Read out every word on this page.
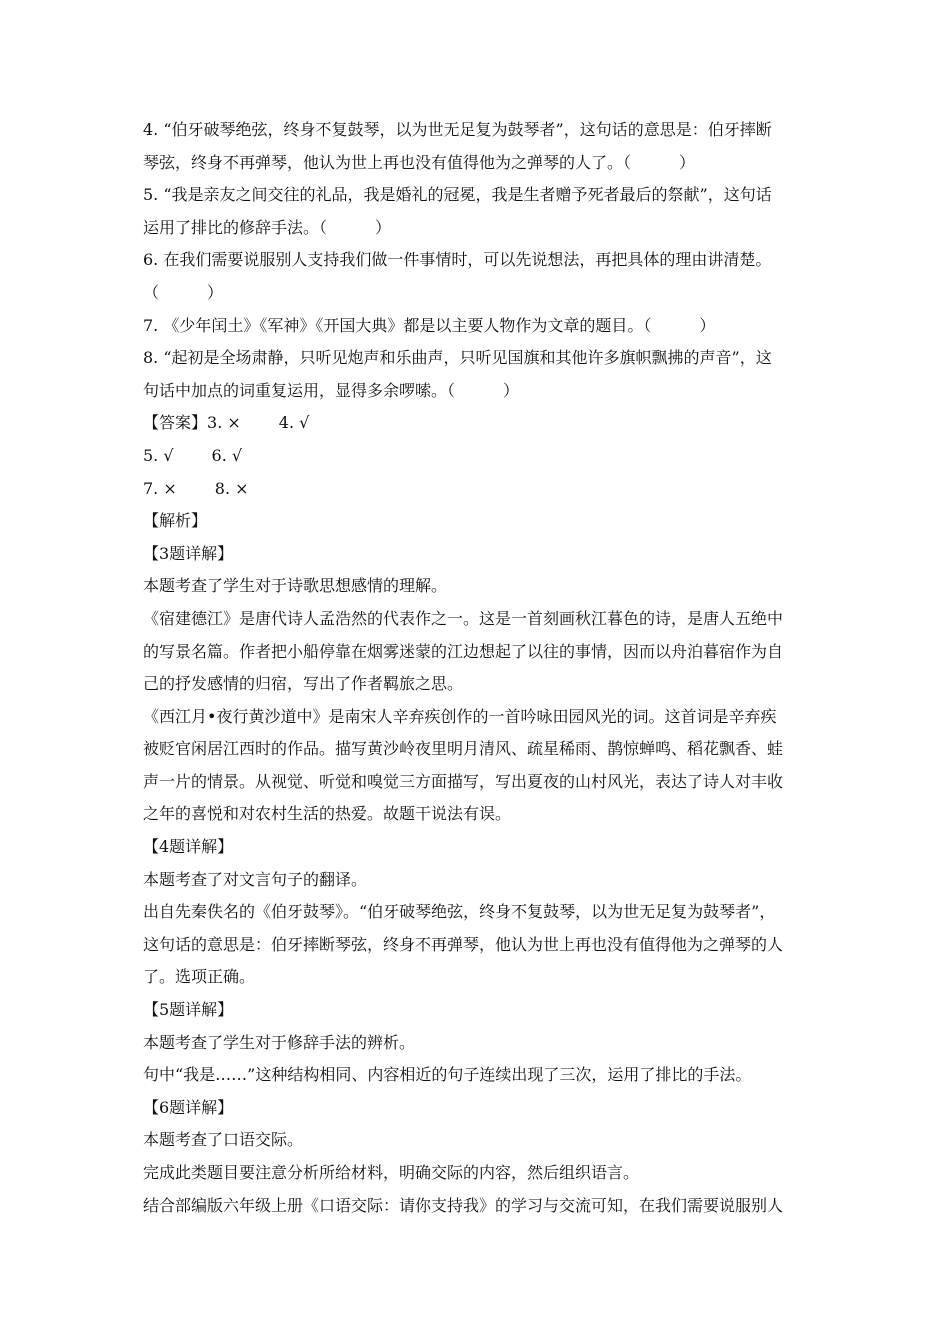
4. “伯牙破琴绝弦，终身不复鼓琴，以为世无足复为鼓琴者”，这句话的意思是：伯牙摔断
琴弦，终身不再弹琴，他认为世上再也没有值得他为之弹琴的人了。（　　　）
5. “我是亲友之间交往的礼品，我是婚礼的冠冕，我是生者赠予死者最后的祭献”，这句话
运用了排比的修辞手法。（　　　）
6. 在我们需要说服别人支持我们做一件事情时，可以先说想法，再把具体的理由讲清楚。
（　　　）
7. 《少年闰土》《军神》《开国大典》都是以主要人物作为文章的题目。（　　　）
8. “起初是全场肃静，只听见炮声和乐曲声，只听见国旗和其他许多旗帜飘拂的声音”，这
句话中加点的词重复运用，显得多余啰嗦。（　　　）
【答案】3. × 4. √
5. √ 6. √
7. × 8. ×
【解析】
【3题详解】
本题考查了学生对于诗歌思想感情的理解。
《宿建德江》是唐代诗人孟浩然的代表作之一。这是一首刻画秋江暮色的诗，是唐人五绝中
的写景名篇。作者把小船停靠在烟雾迷蒙的江边想起了以往的事情，因而以舟泊暮宿作为自
己的抒发感情的归宿，写出了作者羁旅之思。
《西江月•夜行黄沙道中》是南宋人辛弃疾创作的一首吟咏田园风光的词。这首词是辛弃疾
被贬官闲居江西时的作品。描写黄沙岭夜里明月清风、疏星稀雨、鹊惊蝉鸣、稻花飘香、蛙
声一片的情景。从视觉、听觉和嗅觉三方面描写，写出夏夜的山村风光，表达了诗人对丰收
之年的喜悦和对农村生活的热爱。故题干说法有误。
【4题详解】
本题考查了对文言句子的翻译。
出自先秦佚名的《伯牙鼓琴》。“伯牙破琴绝弦，终身不复鼓琴，以为世无足复为鼓琴者”，
这句话的意思是：伯牙摔断琴弦，终身不再弹琴，他认为世上再也没有值得他为之弹琴的人
了。选项正确。
【5题详解】
本题考查了学生对于修辞手法的辨析。
句中“我是……”这种结构相同、内容相近的句子连续出现了三次，运用了排比的手法。
【6题详解】
本题考查了口语交际。
完成此类题目要注意分析所给材料，明确交际的内容，然后组织语言。
结合部编版六年级上册《口语交际：请你支持我》的学习与交流可知，在我们需要说服别人
